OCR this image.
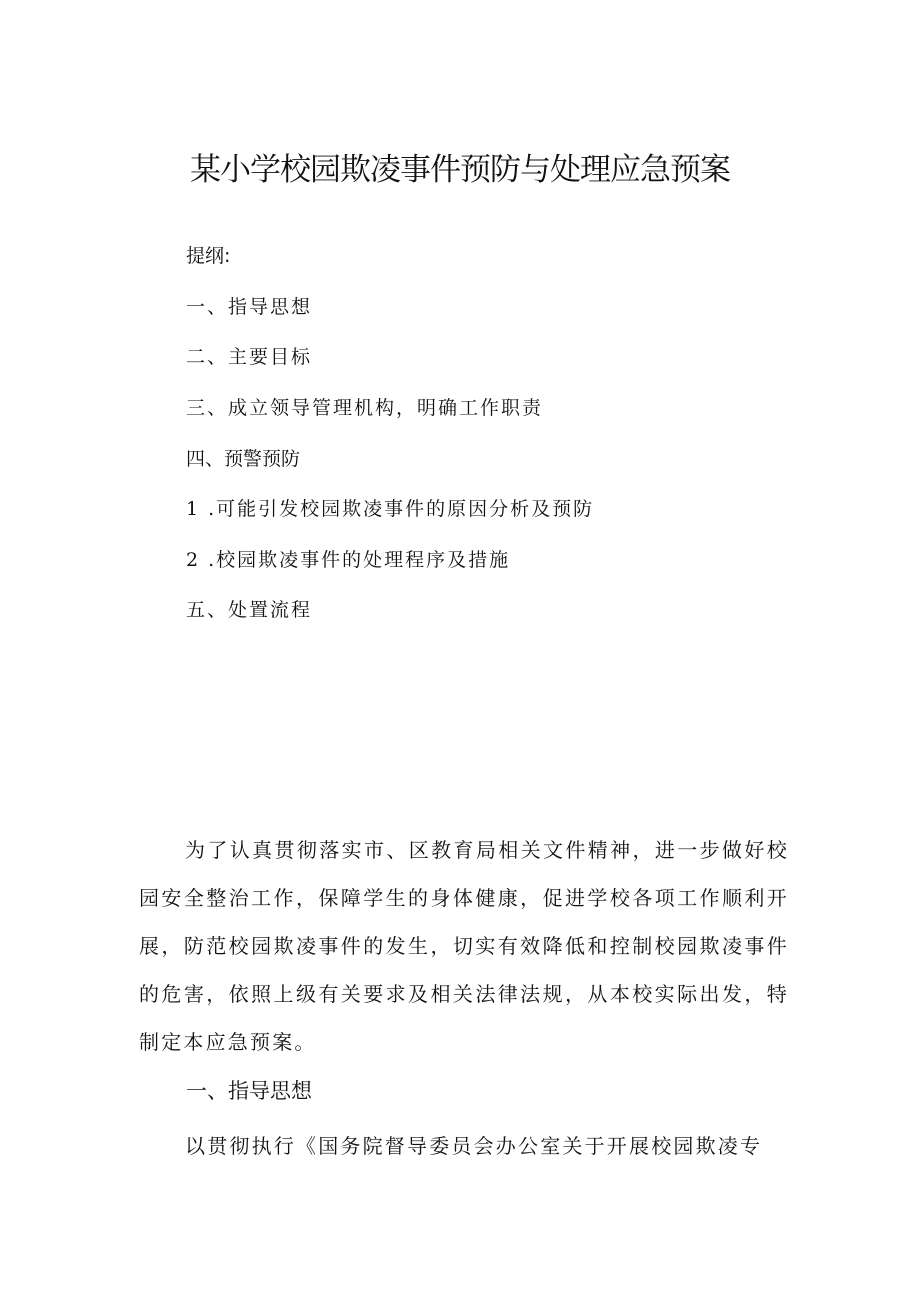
某小学校园欺凌事件预防与处理应急预案
提纲:
一、指导思想
二、主要目标
三、成立领导管理机构，明确工作职责
四、预警预防
1 .可能引发校园欺凌事件的原因分析及预防
2 .校园欺凌事件的处理程序及措施
五、处置流程

为了认真贯彻落实市、区教育局相关文件精神，进一步做好校园安全整治工作，保障学生的身体健康，促进学校各项工作顺利开展，防范校园欺凌事件的发生，切实有效降低和控制校园欺凌事件的危害，依照上级有关要求及相关法律法规，从本校实际出发，特制定本应急预案。

一、指导思想

以贯彻执行《国务院督导委员会办公室关于开展校园欺凌专
